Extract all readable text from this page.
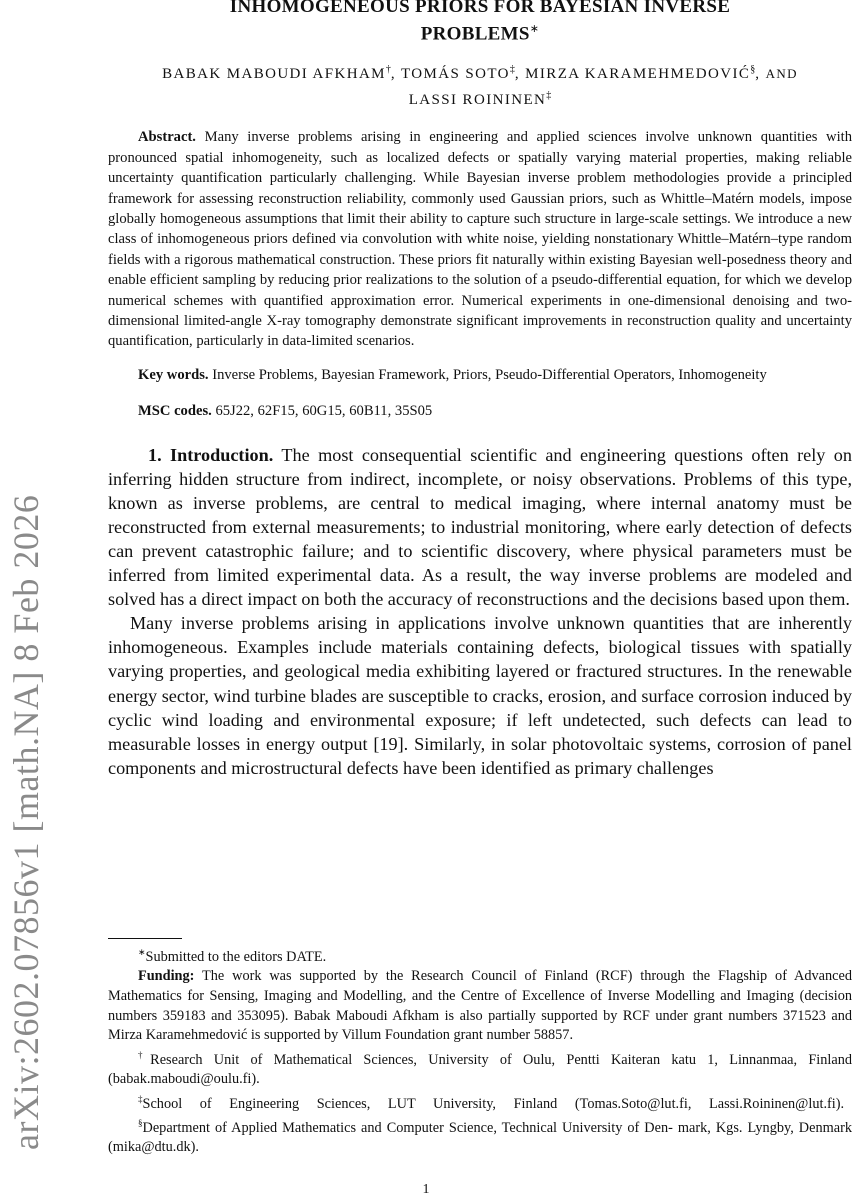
arXiv:2602.07856v1 [math.NA] 8 Feb 2026
INHOMOGENEOUS PRIORS FOR BAYESIAN INVERSE
PROBLEMS∗
BABAK MABOUDI AFKHAM†, TOMÁS SOTO‡, MIRZA KARAMEHMEDOVIĆ§, AND
LASSI ROININEN‡
Abstract. Many inverse problems arising in engineering and applied sciences involve unknown quantities with pronounced spatial inhomogeneity, such as localized defects or spatially varying material properties, making reliable uncertainty quantification particularly challenging. While Bayesian inverse problem methodologies provide a principled framework for assessing reconstruction reliability, commonly used Gaussian priors, such as Whittle–Matérn models, impose globally homogeneous assumptions that limit their ability to capture such structure in large-scale settings. We introduce a new class of inhomogeneous priors defined via convolution with white noise, yielding nonstationary Whittle–Matérn–type random fields with a rigorous mathematical construction. These priors fit naturally within existing Bayesian well-posedness theory and enable efficient sampling by reducing prior realizations to the solution of a pseudo-differential equation, for which we develop numerical schemes with quantified approximation error. Numerical experiments in one-dimensional denoising and two-dimensional limited-angle X-ray tomography demonstrate significant improvements in reconstruction quality and uncertainty quantification, particularly in data-limited scenarios.
Key words. Inverse Problems, Bayesian Framework, Priors, Pseudo-Differential Operators, Inhomogeneity
MSC codes. 65J22, 62F15, 60G15, 60B11, 35S05
1. Introduction. The most consequential scientific and engineering questions often rely on inferring hidden structure from indirect, incomplete, or noisy observations. Problems of this type, known as inverse problems, are central to medical imaging, where internal anatomy must be reconstructed from external measurements; to industrial monitoring, where early detection of defects can prevent catastrophic failure; and to scientific discovery, where physical parameters must be inferred from limited experimental data. As a result, the way inverse problems are modeled and solved has a direct impact on both the accuracy of reconstructions and the decisions based upon them.

Many inverse problems arising in applications involve unknown quantities that are inherently inhomogeneous. Examples include materials containing defects, biological tissues with spatially varying properties, and geological media exhibiting layered or fractured structures. In the renewable energy sector, wind turbine blades are susceptible to cracks, erosion, and surface corrosion induced by cyclic wind loading and environmental exposure; if left undetected, such defects can lead to measurable losses in energy output [19]. Similarly, in solar photovoltaic systems, corrosion of panel components and microstructural defects have been identified as primary challenges

∗Submitted to the editors DATE.

Funding: The work was supported by the Research Council of Finland (RCF) through the Flagship of Advanced Mathematics for Sensing, Imaging and Modelling, and the Centre of Excellence of Inverse Modelling and Imaging (decision numbers 359183 and 353095). Babak Maboudi Afkham is also partially supported by RCF under grant numbers 371523 and Mirza Karamehmedović is supported by Villum Foundation grant number 58857.

†Research Unit of Mathematical Sciences, University of Oulu, Pentti Kaiteran katu 1, Linnanmaa, Finland (babak.maboudi@oulu.fi).

‡School of Engineering Sciences, LUT University, Finland (Tomas.Soto@lut.fi, Lassi.Roininen@lut.fi).

§Department of Applied Mathematics and Computer Science, Technical University of Den- mark, Kgs. Lyngby, Denmark (mika@dtu.dk).

1
